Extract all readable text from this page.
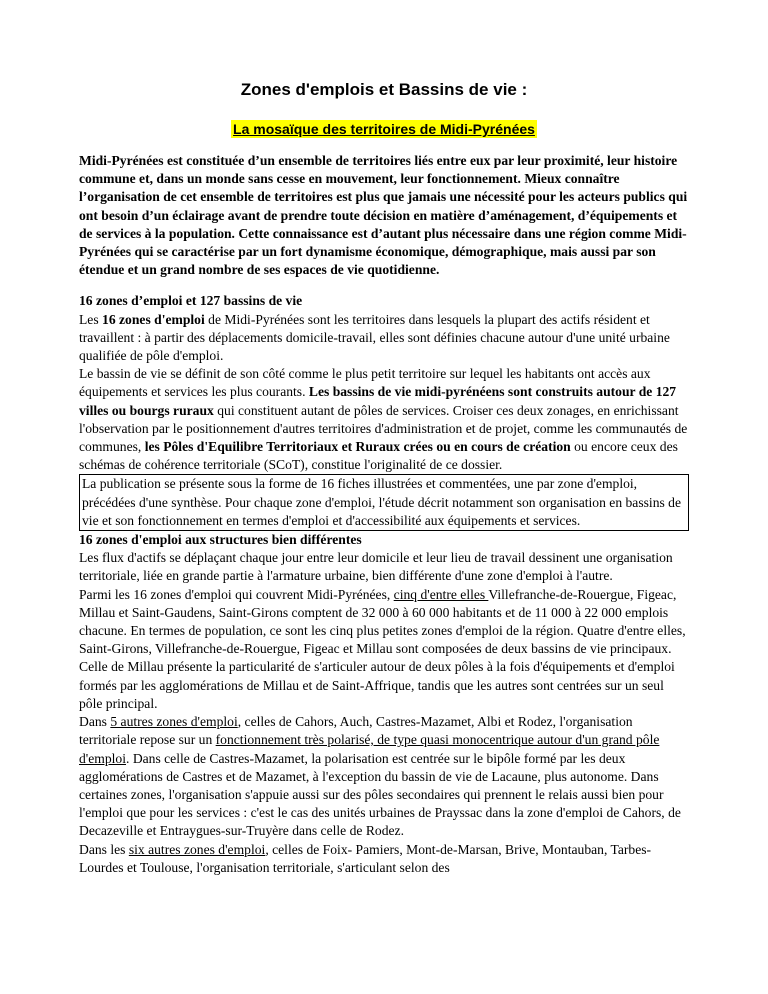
Zones d'emplois et Bassins de vie :
La mosaïque des territoires de Midi-Pyrénées

Midi-Pyrénées est constituée d’un ensemble de territoires liés entre eux par leur proximité, leur histoire commune et, dans un monde sans cesse en mouvement, leur fonctionnement. Mieux connaître l’organisation de cet ensemble de territoires est plus que jamais une nécessité pour les acteurs publics qui ont besoin d’un éclairage avant de prendre toute décision en matière d’aménagement, d’équipements et de services à la population. Cette connaissance est d’autant plus nécessaire dans une région comme Midi-Pyrénées qui se caractérise par un fort dynamisme économique, démographique, mais aussi par son étendue et un grand nombre de ses espaces de vie quotidienne.

16 zones d’emploi et 127 bassins de vie

Les 16 zones d'emploi de Midi-Pyrénées sont les territoires dans lesquels la plupart des actifs résident et travaillent : à partir des déplacements domicile-travail, elles sont définies chacune autour d'une unité urbaine qualifiée de pôle d'emploi.

Le bassin de vie se définit de son côté comme le plus petit territoire sur lequel les habitants ont accès aux équipements et services les plus courants. Les bassins de vie midi-pyrénéens sont construits autour de 127 villes ou bourgs ruraux qui constituent autant de pôles de services. Croiser ces deux zonages, en enrichissant l'observation par le positionnement d'autres territoires d'administration et de projet, comme les communautés de communes, les Pôles d'Equilibre Territoriaux et Ruraux crées ou en cours de création ou encore ceux des schémas de cohérence territoriale (SCoT), constitue l'originalité de ce dossier.

La publication se présente sous la forme de 16 fiches illustrées et commentées, une par zone d'emploi, précédées d'une synthèse. Pour chaque zone d'emploi, l'étude décrit notamment son organisation en bassins de vie et son fonctionnement en termes d'emploi et d'accessibilité aux équipements et services.

16 zones d'emploi aux structures bien différentes

Les flux d'actifs se déplaçant chaque jour entre leur domicile et leur lieu de travail dessinent une organisation territoriale, liée en grande partie à l'armature urbaine, bien différente d'une zone d'emploi à l'autre.

Parmi les 16 zones d'emploi qui couvrent Midi-Pyrénées, cinq d'entre elles Villefranche-de-Rouergue, Figeac, Millau et Saint-Gaudens, Saint-Girons comptent de 32 000 à 60 000 habitants et de 11 000 à 22 000 emplois chacune. En termes de population, ce sont les cinq plus petites zones d'emploi de la région. Quatre d'entre elles, Saint-Girons, Villefranche-de-Rouergue, Figeac et Millau sont composées de deux bassins de vie principaux. Celle de Millau présente la particularité de s'articuler autour de deux pôles à la fois d'équipements et d'emploi formés par les agglomérations de Millau et de Saint-Affrique, tandis que les autres sont centrées sur un seul pôle principal.

Dans 5 autres zones d'emploi, celles de Cahors, Auch, Castres-Mazamet, Albi et Rodez, l'organisation territoriale repose sur un fonctionnement très polarisé, de type quasi monocentrique autour d'un grand pôle d'emploi. Dans celle de Castres-Mazamet, la polarisation est centrée sur le bipôle formé par les deux agglomérations de Castres et de Mazamet, à l'exception du bassin de vie de Lacaune, plus autonome. Dans certaines zones, l'organisation s'appuie aussi sur des pôles secondaires qui prennent le relais aussi bien pour l'emploi que pour les services : c'est le cas des unités urbaines de Prayssac dans la zone d'emploi de Cahors, de Decazeville et Entraygues-sur-Truyère dans celle de Rodez.

Dans les six autres zones d'emploi, celles de Foix- Pamiers, Mont-de-Marsan, Brive, Montauban, Tarbes-Lourdes et Toulouse, l'organisation territoriale, s'articulant selon des
